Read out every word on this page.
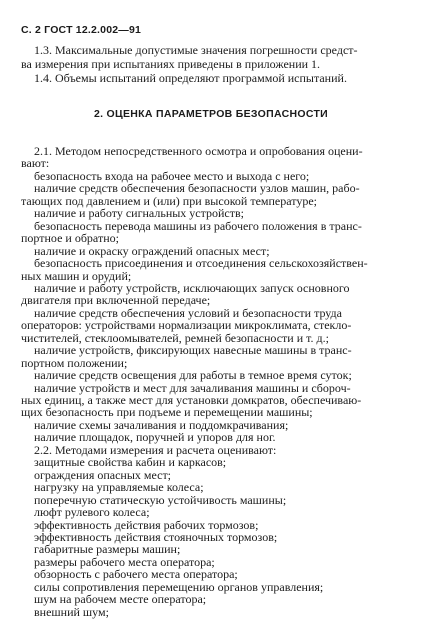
С. 2 ГОСТ 12.2.002—91
1.3. Максимальные допустимые значения погрешности средст-
ва измерения при испытаниях приведены в приложении 1.
1.4. Объемы испытаний определяют программой испытаний.
2. ОЦЕНКА ПАРАМЕТРОВ БЕЗОПАСНОСТИ
2.1. Методом непосредственного осмотра и опробования оцени-
вают:
безопасность входа на рабочее место и выхода с него;
наличие средств обеспечения безопасности узлов машин, рабо-
тающих под давлением и (или) при высокой температуре;
наличие и работу сигнальных устройств;
безопасность перевода машины из рабочего положения в транс-
портное и обратно;
наличие и окраску ограждений опасных мест;
безопасность присоединения и отсоединения сельскохозяйствен-
ных машин и орудий;
наличие и работу устройств, исключающих запуск основного
двигателя при включенной передаче;
наличие средств обеспечения условий и безопасности труда
операторов: устройствами нормализации микроклимата, стекло-
чистителей, стеклоомывателей, ремней безопасности и т. д.;
наличие устройств, фиксирующих навесные машины в транс-
портном положении;
наличие средств освещения для работы в темное время суток;
наличие устройств и мест для зачаливания машины и сбороч-
ных единиц, а также мест для установки домкратов, обеспечиваю-
щих безопасность при подъеме и перемещении машины;
наличие схемы зачаливания и поддомкрачивания;
наличие площадок, поручней и упоров для ног.
2.2. Методами измерения и расчета оценивают:
защитные свойства кабин и каркасов;
ограждения опасных мест;
нагрузку на управляемые колеса;
поперечную статическую устойчивость машины;
люфт рулевого колеса;
эффективность действия рабочих тормозов;
эффективность действия стояночных тормозов;
габаритные размеры машин;
размеры рабочего места оператора;
обзорность с рабочего места оператора;
силы сопротивления перемещению органов управления;
шум на рабочем месте оператора;
внешний шум;
